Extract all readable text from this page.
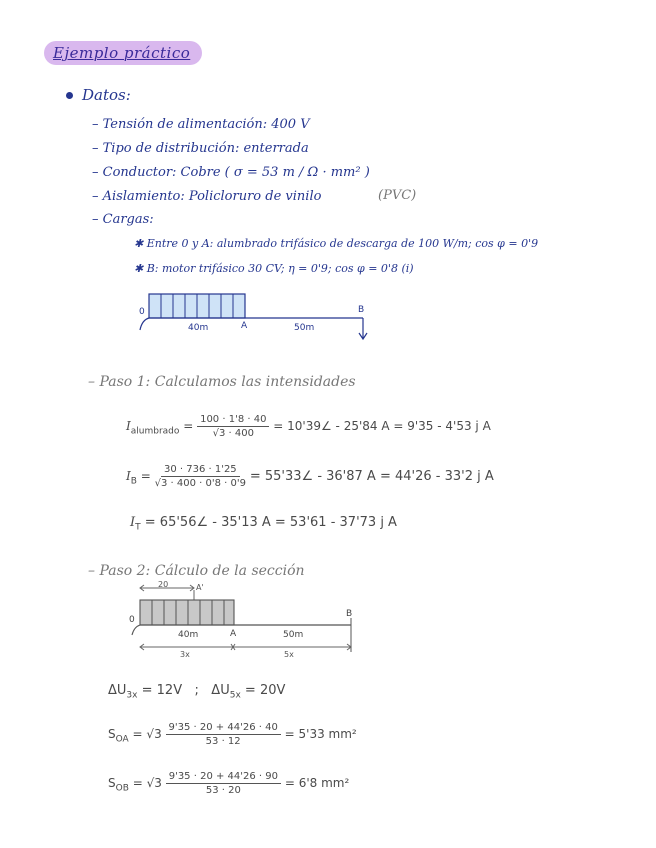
Ejemplo práctico
Datos:
– Tensión de alimentación: 400 V
– Tipo de distribución: enterrada
– Conductor: Cobre ( σ = 53 m / Ω · mm² )
– Aislamiento: Policloruro de vinilo	(PVC)
– Cargas:
✱ Entre 0 y A: alumbrado trifásico de descarga de 100 W/m; cos φ = 0'9
✱ B: motor trifásico 30 CV; η = 0'9; cos φ = 0'8 (i)
0
A
B
40m	50m
– Paso 1: Calculamos las intensidades
$I_{alumbrado} = \frac{100 \cdot 1'8 \cdot 40}{√3 \cdot 400}$ = 10'39∠ - 25'84 A = 9'35 - 4'53 j A
$I_B = \frac{30 \cdot 736 \cdot 1'25}{√3 \cdot 400 \cdot 0'8 \cdot 0'9}$ = 55'33∠ - 36'87 A = 44'26 - 33'2 j A
$I_T$ = 65'56∠ - 35'13 A = 53'61 - 37'73 j A
– Paso 2: Cálculo de la sección
20	A'
0
A
B
40m	50m
3x	5x
$\Delta U_{3x} = 12V$ ; $\Delta U_{5x} = 20V$
$S_{OA} = √3 \frac{9'35 \cdot 20 + 44'26 \cdot 40}{53 \cdot 12} = 5'33$ mm²
$S_{OB} = √3 \frac{9'35 \cdot 20 + 44'26 \cdot 90}{53 \cdot 20} = 6'8$ mm²
